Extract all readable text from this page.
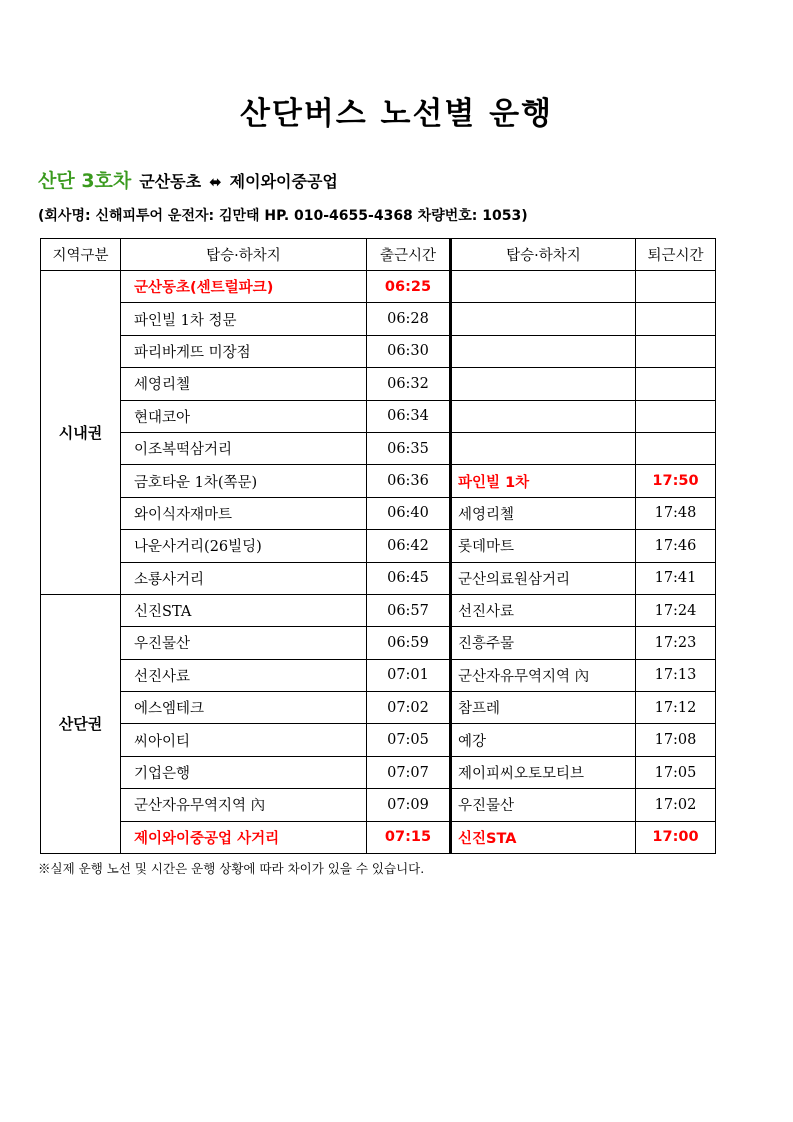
산단버스 노선별 운행
산단 3호차 군산동초 ⬌ 제이와이중공업
(회사명: 신해피투어 운전자: 김만태 HP. 010-4655-4368 차량번호: 1053)
지역구분	탑승·하차지	출근시간	탑승·하차지	퇴근시간
시내권	군산동초(센트럴파크)	06:25		
	파인빌 1차 정문	06:28		
	파리바게뜨 미장점	06:30		
	세영리첼	06:32		
	현대코아	06:34		
	이조복떡삼거리	06:35		
	금호타운 1차(쪽문)	06:36	파인빌 1차	17:50
	와이식자재마트	06:40	세영리첼	17:48
	나운사거리(26빌딩)	06:42	롯데마트	17:46
	소룡사거리	06:45	군산의료원삼거리	17:41
산단권	신진STA	06:57	선진사료	17:24
	우진물산	06:59	진흥주물	17:23
	선진사료	07:01	군산자유무역지역 內	17:13
	에스엠테크	07:02	참프레	17:12
	씨아이티	07:05	예강	17:08
	기업은행	07:07	제이피씨오토모티브	17:05
	군산자유무역지역 內	07:09	우진물산	17:02
	제이와이중공업 사거리	07:15	신진STA	17:00
※실제 운행 노선 및 시간은 운행 상황에 따라 차이가 있을 수 있습니다.
